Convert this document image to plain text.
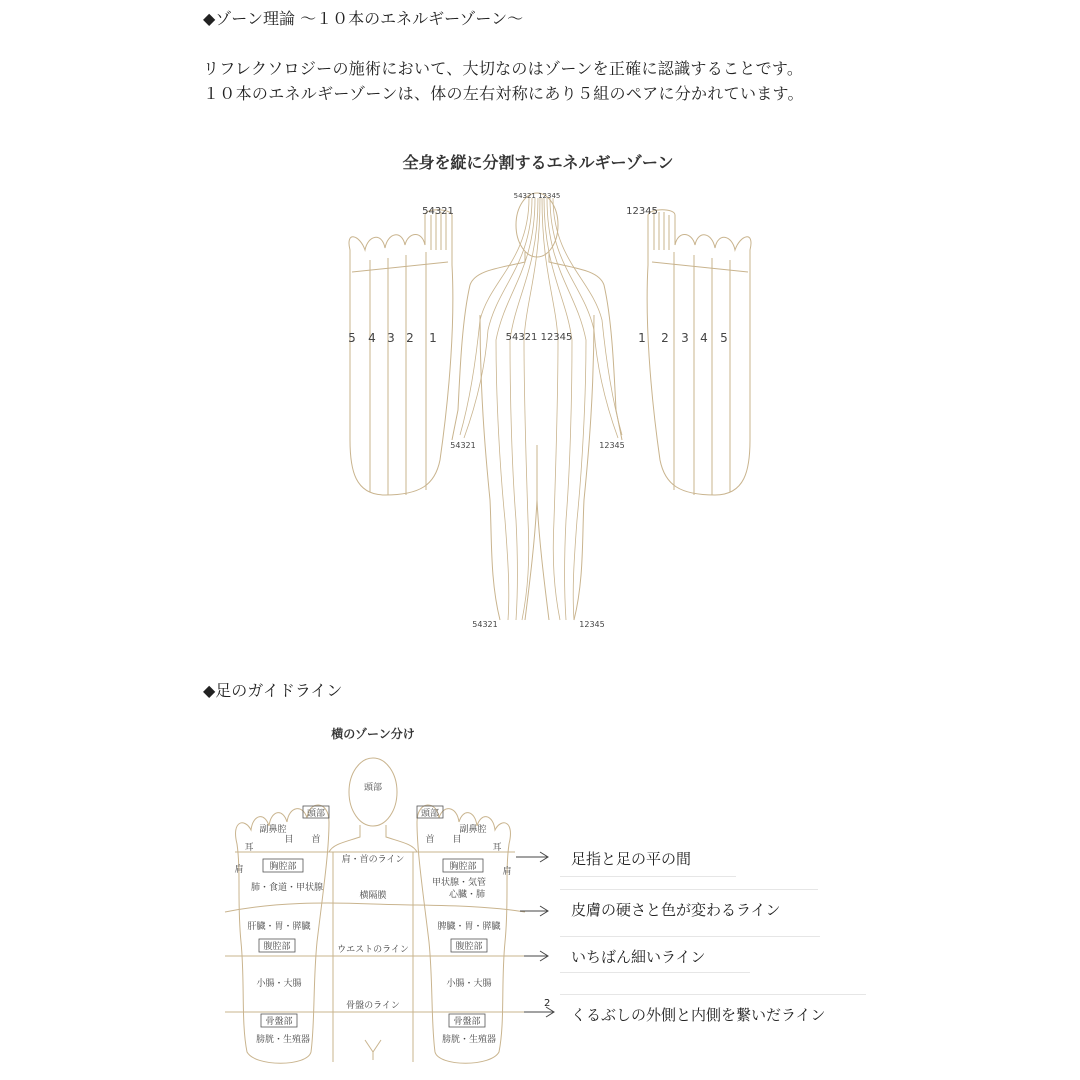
◆ゾーン理論 〜１０本のエネルギーゾーン〜
リフレクソロジーの施術において、大切なのはゾーンを正確に認識することです。
１０本のエネルギーゾーンは、体の左右対称にあり５組のペアに分かれています。
全身を縦に分割するエネルギーゾーン
54321
5 4 3 2 1
12345
1 2 3 4 5
54321 12345
54321 12345
54321	12345
54321	12345
◆足のガイドライン
横のゾーン分け
頭部
肩・首のライン
横隔膜
ウエストのライン
骨盤のライン
頭部
副鼻腔
耳
目 首
肩	胸腔部
肺・食道・甲状腺
肝臓・胃・膵臓
腹腔部
小腸・大腸
骨盤部
膀胱・生殖器
頭部
副鼻腔
耳
目
首
肩
胸腔部
甲状腺・気管
心臓・肺
脾臓・胃・膵臓
腹腔部
小腸・大腸
骨盤部
膀胱・生殖器
2
足指と足の平の間
皮膚の硬さと色が変わるライン
いちばん細いライン
くるぶしの外側と内側を繋いだライン
